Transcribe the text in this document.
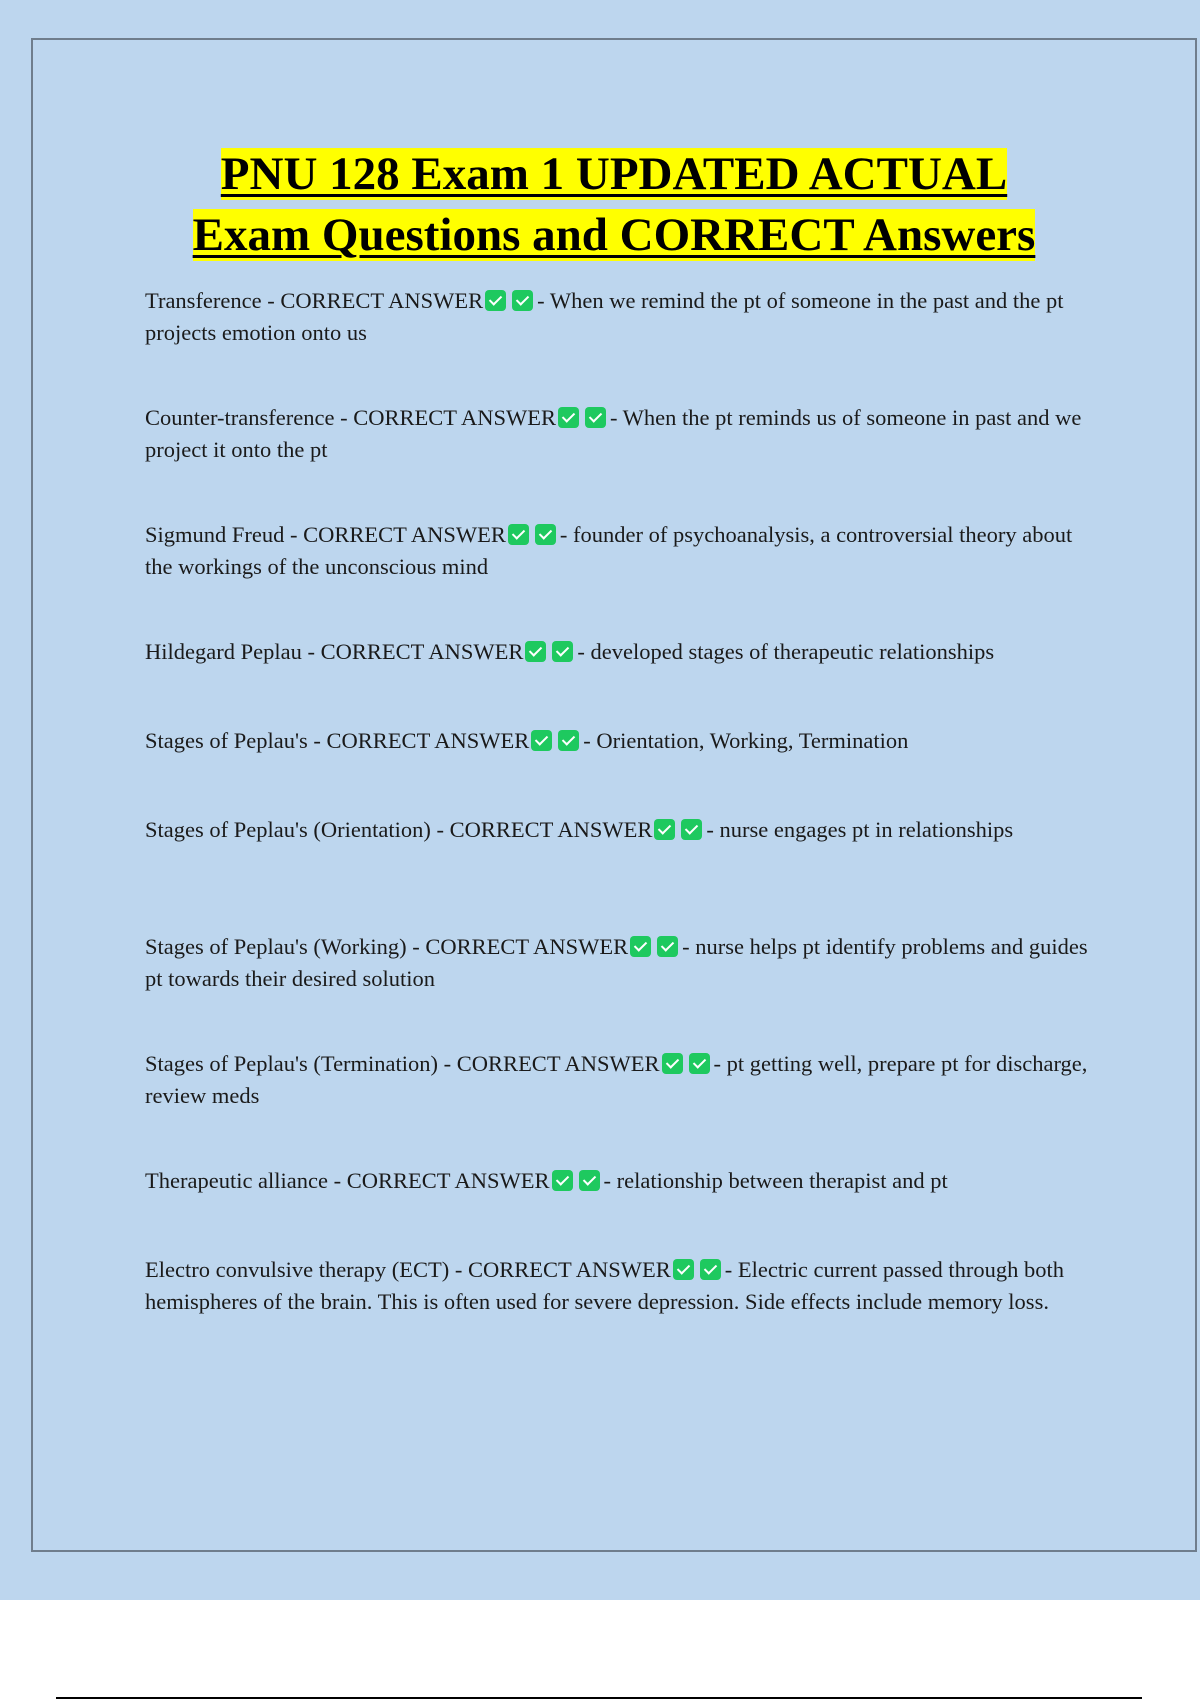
PNU 128 Exam 1 UPDATED ACTUAL
Exam Questions and CORRECT Answers

Transference - CORRECT ANSWER - When we remind the pt of someone in the past and the pt projects emotion onto us

Counter-transference - CORRECT ANSWER - When the pt reminds us of someone in past and we project it onto the pt

Sigmund Freud - CORRECT ANSWER - founder of psychoanalysis, a controversial theory about the workings of the unconscious mind

Hildegard Peplau - CORRECT ANSWER - developed stages of therapeutic relationships

Stages of Peplau's - CORRECT ANSWER - Orientation, Working, Termination

Stages of Peplau's (Orientation) - CORRECT ANSWER - nurse engages pt in relationships

Stages of Peplau's (Working) - CORRECT ANSWER - nurse helps pt identify problems and guides pt towards their desired solution

Stages of Peplau's (Termination) - CORRECT ANSWER - pt getting well, prepare pt for discharge, review meds

Therapeutic alliance - CORRECT ANSWER - relationship between therapist and pt

Electro convulsive therapy (ECT) - CORRECT ANSWER - Electric current passed through both hemispheres of the brain. This is often used for severe depression. Side effects include memory loss.
